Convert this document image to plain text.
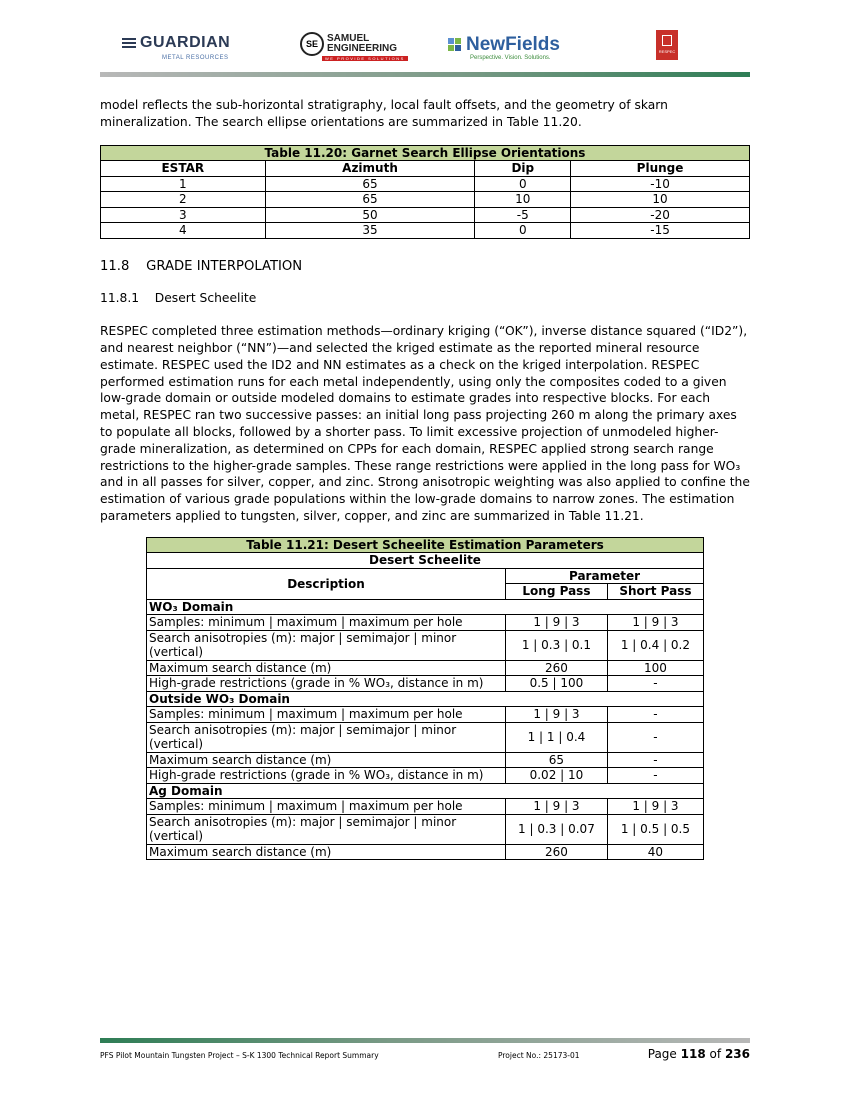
GUARDIAN
METAL RESOURCES
SE SAMUEL
ENGINEERING
WE PROVIDE SOLUTIONS
NewFields
Perspective. Vision. Solutions.
RESPEC

model reflects the sub-horizontal stratigraphy, local fault offsets, and the geometry of skarn mineralization. The search ellipse orientations are summarized in Table 11.20.

Table 11.20: Garnet Search Ellipse Orientations			
ESTAR	Azimuth	Dip	Plunge
1	65	0	-10
2	65	10	10
3	50	-5	-20
4	35	0	-15

11.8 GRADE INTERPOLATION

11.8.1 Desert Scheelite

RESPEC completed three estimation methods—ordinary kriging (“OK”), inverse distance squared (“ID2”), and nearest neighbor (“NN”)—and selected the kriged estimate as the reported mineral resource estimate. RESPEC used the ID2 and NN estimates as a check on the kriged interpolation. RESPEC performed estimation runs for each metal independently, using only the composites coded to a given low-grade domain or outside modeled domains to estimate grades into respective blocks. For each metal, RESPEC ran two successive passes: an initial long pass projecting 260 m along the primary axes to populate all blocks, followed by a shorter pass. To limit excessive projection of unmodeled higher-grade mineralization, as determined on CPPs for each domain, RESPEC applied strong search range restrictions to the higher-grade samples. These range restrictions were applied in the long pass for WO₃ and in all passes for silver, copper, and zinc. Strong anisotropic weighting was also applied to confine the estimation of various grade populations within the low-grade domains to narrow zones. The estimation parameters applied to tungsten, silver, copper, and zinc are summarized in Table 11.21.

Table 11.21: Desert Scheelite Estimation Parameters		
Desert Scheelite		
Description	Parameter	
	Long Pass	Short Pass
WO₃ Domain		
Samples: minimum | maximum | maximum per hole	1 | 9 | 3	1 | 9 | 3
Search anisotropies (m): major | semimajor | minor (vertical)	1 | 0.3 | 0.1	1 | 0.4 | 0.2
Maximum search distance (m)	260	100
High-grade restrictions (grade in % WO₃, distance in m)	0.5 | 100	-
Outside WO₃ Domain		
Samples: minimum | maximum | maximum per hole	1 | 9 | 3	-
Search anisotropies (m): major | semimajor | minor (vertical)	1 | 1 | 0.4	-
Maximum search distance (m)	65	-
High-grade restrictions (grade in % WO₃, distance in m)	0.02 | 10	-
Ag Domain		
Samples: minimum | maximum | maximum per hole	1 | 9 | 3	1 | 9 | 3
Search anisotropies (m): major | semimajor | minor (vertical)	1 | 0.3 | 0.07	1 | 0.5 | 0.5
Maximum search distance (m)	260	40
PFS Pilot Mountain Tungsten Project – S-K 1300 Technical Report Summary	Project No.: 25173-01	Page 118 of 236
